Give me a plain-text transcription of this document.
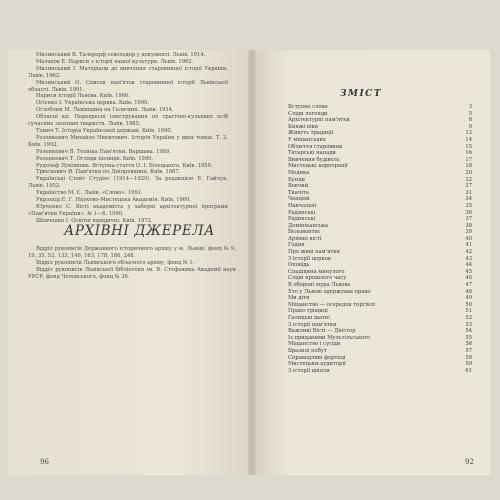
Мизинський В. Талерорф сєвольдер у документі. Львів. 1914.
Малахов Е. Нариси з історії нашої культури. Львів. 1962.
Мизинський І. Матеріали до вивчення старовинної історії України. Львів. 1962.
Мизинський О. Список пам'яток старовинної історії Львівської області. Львів. 1991.
Нариси історії Львова. Київ. 1960.
Огієнко І. Українська церква. Київ. 1990.
Оглоблин М. Львівщина на Галичині. Львів. 1914.
Обласні кн. Перехресні ілюстрування по трагічно-кульпвих осіб сучасних залізних твариств. Львів. 1985.
Томич Т. Історія Української державі. Київ. 1990.
Розенкевич Михайло Никитович. Історія України у двох томах. Т. 2. Київ. 1992.
Розенкевич В. Техніка Пам'ятки. Варшава. 1989.
Розенкевич Т. Огляди полиців. Київ. 1990.
Рудольф Лукіянова. Вступна стаття О. І. Білецького. Київ. 1950.
Трюскевич Я. Пам'ятки по Дніпровщині. Київ. 1987.
Українські Стейт Студіос (1914—1920). За редакцією Е. Гайчук. Львів. 1952.
Українство М. С. Львів. «Слово». 1991.
Укрзахід Е. Г. Науково-Мистецька Академія. Київ. 1960.
Юрченко С. Вісті академіста у хаберні архітектурної програми «Пам'ятки України». № 1—6. 1990.
Шевченко І. Освітні юридичні. Київ. 1972.
АРХІВНІ ДЖЕРЕЛА
Відділ рукописів Державного історичного архіву у м. Львові, фонд № 9, 19, 35, 52, 133, 149, 163, 178, 186, 248.
Відділ рукописів Львівського обласного архіву, фонд № 1.
Відділ рукописів Львівської бібліотеки ім. В. Стефаника Академії наук УРСР, фонд Чоловського, фонд № 26.
96
ЗМІСТ
Вступне слово	3
Сліди легенди	5
Архітектурні пам'ятки	6
Княжі віки	9
Живуть традиції	12
У міщанських	14
Обличчя старовини	15
Татарські напади	16
Вивчення будівель	17
Мистецькі корпорації	18
Медика	20
Бунди	22
Вовчий	27
Ткачіта	31
Ченцеві	34
Навчальні	35
Радянські	36
Радинські	37
Домініканська	38
Бельмонтні	39
Архівні вісті	40
Годин	41
Про живі пам'ятки	42
З історії церков	43
Оповідь	44
Спадщина минулого	45
Сліди прошлого часу	46
В обороні мура Львова	47
Хто у Львові одержував право	48
Ми діти	49
Міщанство — осередок торгівлі	50
Право тріщиці	51
Галицькі шатні	52
З історії пам'ятки	53
Важливі Вісті — Дністер	54
Із приданими Мультільського	55
Міщанство і сусіди	56
Бразилі побут	57
Справедливі фортеці	58
Мистецьки-аудиторії	59
З історії школи	61
92
